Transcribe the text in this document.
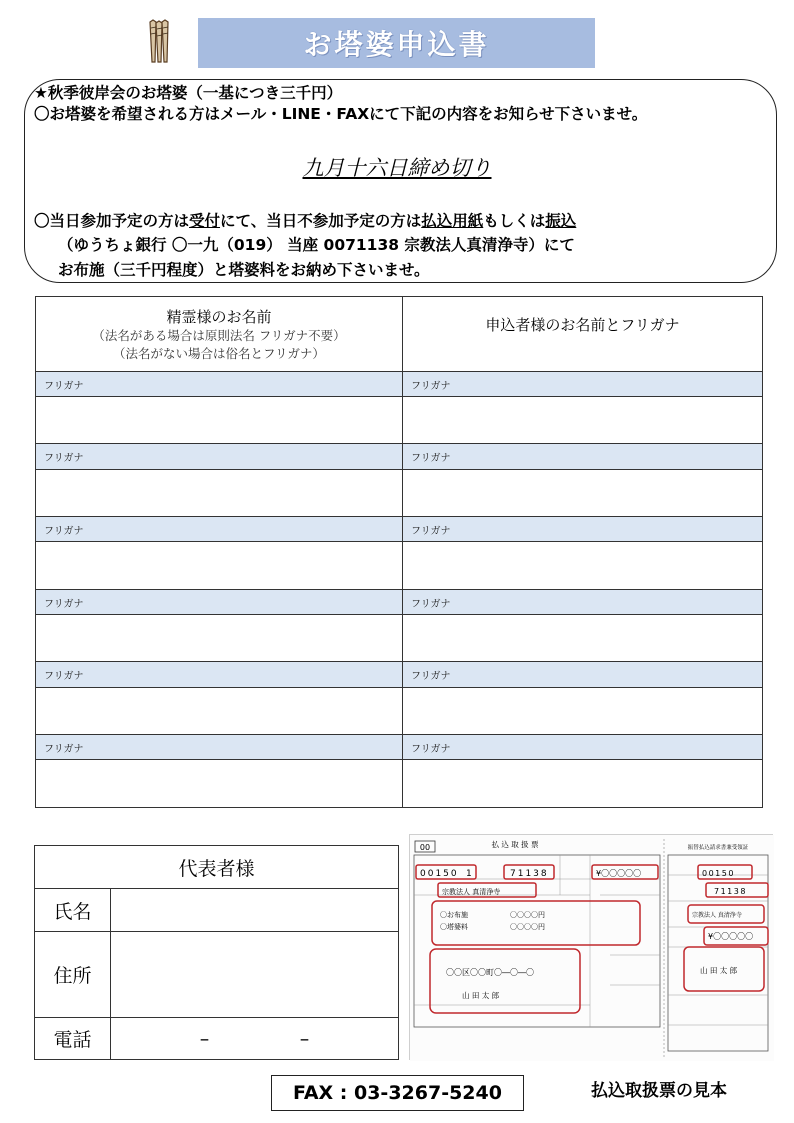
お塔婆申込書
★秋季彼岸会のお塔婆（一基につき三千円）
〇お塔婆を希望される方はメール・LINE・FAXにて下記の内容をお知らせ下さいませ。
九月十六日締め切り
〇当日参加予定の方は受付にて、当日不参加予定の方は払込用紙もしくは振込
（ゆうちょ銀行 〇一九（019） 当座 0071138 宗教法人真清浄寺）にて
お布施（三千円程度）と塔婆料をお納め下さいませ。
精霊様のお名前
（法名がある場合は原則法名 フリガナ不要）
（法名がない場合は俗名とフリガナ）	申込者様のお名前とフリガナ

フリガナ	フリガナ

フリガナ	フリガナ

フリガナ	フリガナ

フリガナ	フリガナ

フリガナ	フリガナ

フリガナ	フリガナ

代表者様	
氏名	
住所	
電話	– –
00	払 込 取 扱 票	振替払込請求書兼受領証
00150 1	71138	¥〇〇〇〇〇
宗教法人 真清浄寺
〇お布施	〇〇〇〇円
〇塔婆料	〇〇〇〇円
〇〇区〇〇町〇―〇―〇
山 田 太 郎
00150
71138
宗教法人 真清浄寺
¥〇〇〇〇〇
山 田 太 郎
FAX : 03-3267-5240	払込取扱票の見本
